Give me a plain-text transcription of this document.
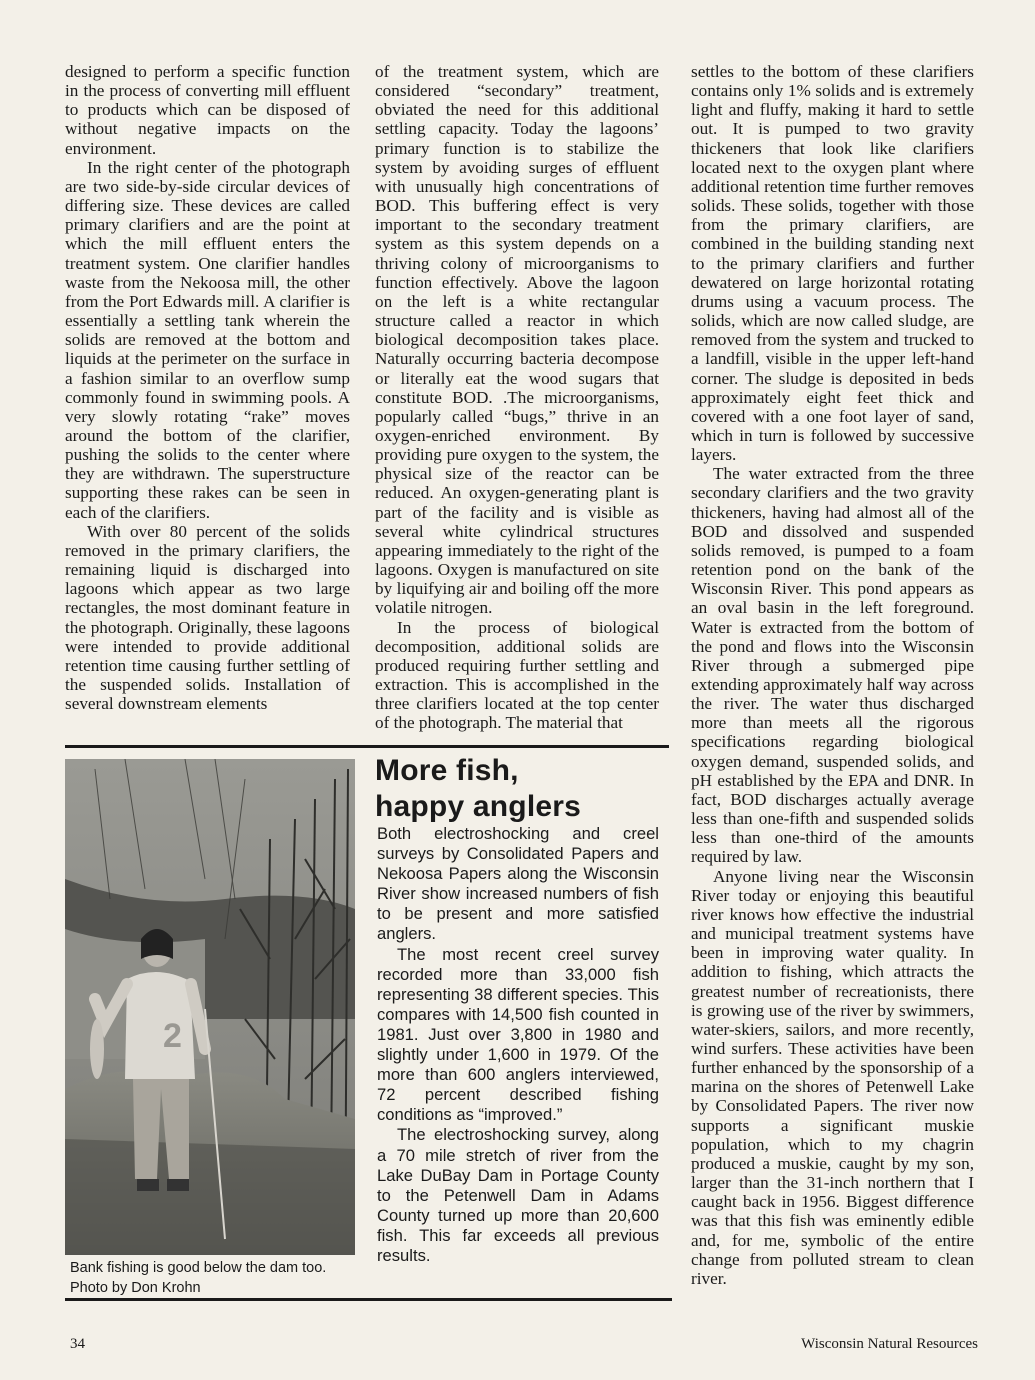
designed to perform a specific function in the process of converting mill effluent to products which can be disposed of without negative impacts on the environment.

In the right center of the photograph are two side-by-side circular devices of differing size. These devices are called primary clarifiers and are the point at which the mill effluent enters the treatment system. One clarifier handles waste from the Nekoosa mill, the other from the Port Edwards mill. A clarifier is essentially a settling tank wherein the solids are removed at the bottom and liquids at the perimeter on the surface in a fashion similar to an overflow sump commonly found in swimming pools. A very slowly rotating “rake” moves around the bottom of the clarifier, pushing the solids to the center where they are withdrawn. The superstructure supporting these rakes can be seen in each of the clarifiers.

With over 80 percent of the solids removed in the primary clarifiers, the remaining liquid is discharged into lagoons which appear as two large rectangles, the most dominant feature in the photograph. Originally, these lagoons were intended to provide additional retention time causing further settling of the suspended solids. Installation of several downstream elements

of the treatment system, which are considered “secondary” treatment, obviated the need for this additional settling capacity. Today the lagoons’ primary function is to stabilize the system by avoiding surges of effluent with unusually high concentrations of BOD. This buffering effect is very important to the secondary treatment system as this system depends on a thriving colony of microorganisms to function effectively. Above the lagoon on the left is a white rectangular structure called a reactor in which biological decomposition takes place. Naturally occurring bacteria decompose or literally eat the wood sugars that constitute BOD. .The microorganisms, popularly called “bugs,” thrive in an oxygen-enriched environment. By providing pure oxygen to the system, the physical size of the reactor can be reduced. An oxygen-generating plant is part of the facility and is visible as several white cylindrical structures appearing immediately to the right of the lagoons. Oxygen is manufactured on site by liquifying air and boiling off the more volatile nitrogen.

In the process of biological decomposition, additional solids are produced requiring further settling and extraction. This is accomplished in the three clarifiers located at the top center of the photograph. The material that

settles to the bottom of these clarifiers contains only 1% solids and is extremely light and fluffy, making it hard to settle out. It is pumped to two gravity thickeners that look like clarifiers located next to the oxygen plant where additional retention time further removes solids. These solids, together with those from the primary clarifiers, are combined in the building standing next to the primary clarifiers and further dewatered on large horizontal rotating drums using a vacuum process. The solids, which are now called sludge, are removed from the system and trucked to a landfill, visible in the upper left-hand corner. The sludge is deposited in beds approximately eight feet thick and covered with a one foot layer of sand, which in turn is followed by successive layers.

The water extracted from the three secondary clarifiers and the two gravity thickeners, having had almost all of the BOD and dissolved and suspended solids removed, is pumped to a foam retention pond on the bank of the Wisconsin River. This pond appears as an oval basin in the left foreground. Water is extracted from the bottom of the pond and flows into the Wisconsin River through a submerged pipe extending approximately half way across the river. The water thus discharged more than meets all the rigorous specifications regarding biological oxygen demand, suspended solids, and pH established by the EPA and DNR. In fact, BOD discharges actually average less than one-fifth and suspended solids less than one-third of the amounts required by law.

Anyone living near the Wisconsin River today or enjoying this beautiful river knows how effective the industrial and municipal treatment systems have been in improving water quality. In addition to fishing, which attracts the greatest number of recreationists, there is growing use of the river by swimmers, water-skiers, sailors, and more recently, wind surfers. These activities have been further enhanced by the sponsorship of a marina on the shores of Petenwell Lake by Consolidated Papers. The river now supports a significant muskie population, which to my chagrin produced a muskie, caught by my son, larger than the 31-inch northern that I caught back in 1956. Biggest difference was that this fish was eminently edible and, for me, symbolic of the entire change from polluted stream to clean river.

2
Bank fishing is good below the dam too.
Photo by Don Krohn
More fish,
happy anglers

Both electroshocking and creel surveys by Consolidated Papers and Nekoosa Papers along the Wisconsin River show increased numbers of fish to be present and more satisfied anglers.

The most recent creel survey recorded more than 33,000 fish representing 38 different species. This compares with 14,500 fish counted in 1981. Just over 3,800 in 1980 and slightly under 1,600 in 1979. Of the more than 600 anglers interviewed, 72 percent described fishing conditions as “improved.”

The electroshocking survey, along a 70 mile stretch of river from the Lake DuBay Dam in Portage County to the Petenwell Dam in Adams County turned up more than 20,600 fish. This far exceeds all previous results.

34	Wisconsin Natural Resources
